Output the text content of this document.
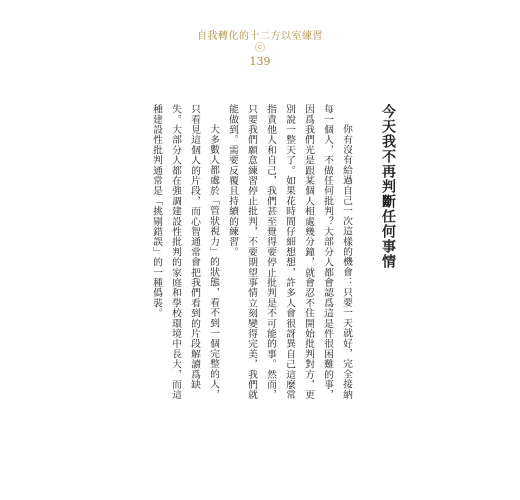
自我轉化的十二方以室練習
ⓒ
139
今天我不再判斷任何事情

你有沒有給過自己一次這樣的機會：只要一天就好，完全接納每一個人，不做任何批判？大部分人都會認爲這是件很困難的事，因爲我們光是跟某個人相處幾分鐘，就會忍不住開始批判對方，更別說一整天了。如果花時間仔細想想，許多人會很訝異自己這麼常指責他人和自己，我們甚至覺得要停止批判是不可能的事。然而，只要我們願意練習停止批判，不要期望事情立刻變得完美，我們就能做到。需要反覆且持續的練習。

大多數人都處於「管狀視力」的狀態，看不到一個完整的人，只看見這個人的片段，而心智通常會把我們看到的片段解讀爲缺失。大部分人都在強調建設性批判的家庭和學校環境中長大，而這種建設性批判通常是「挑剔錯誤」的一種僞裝。
